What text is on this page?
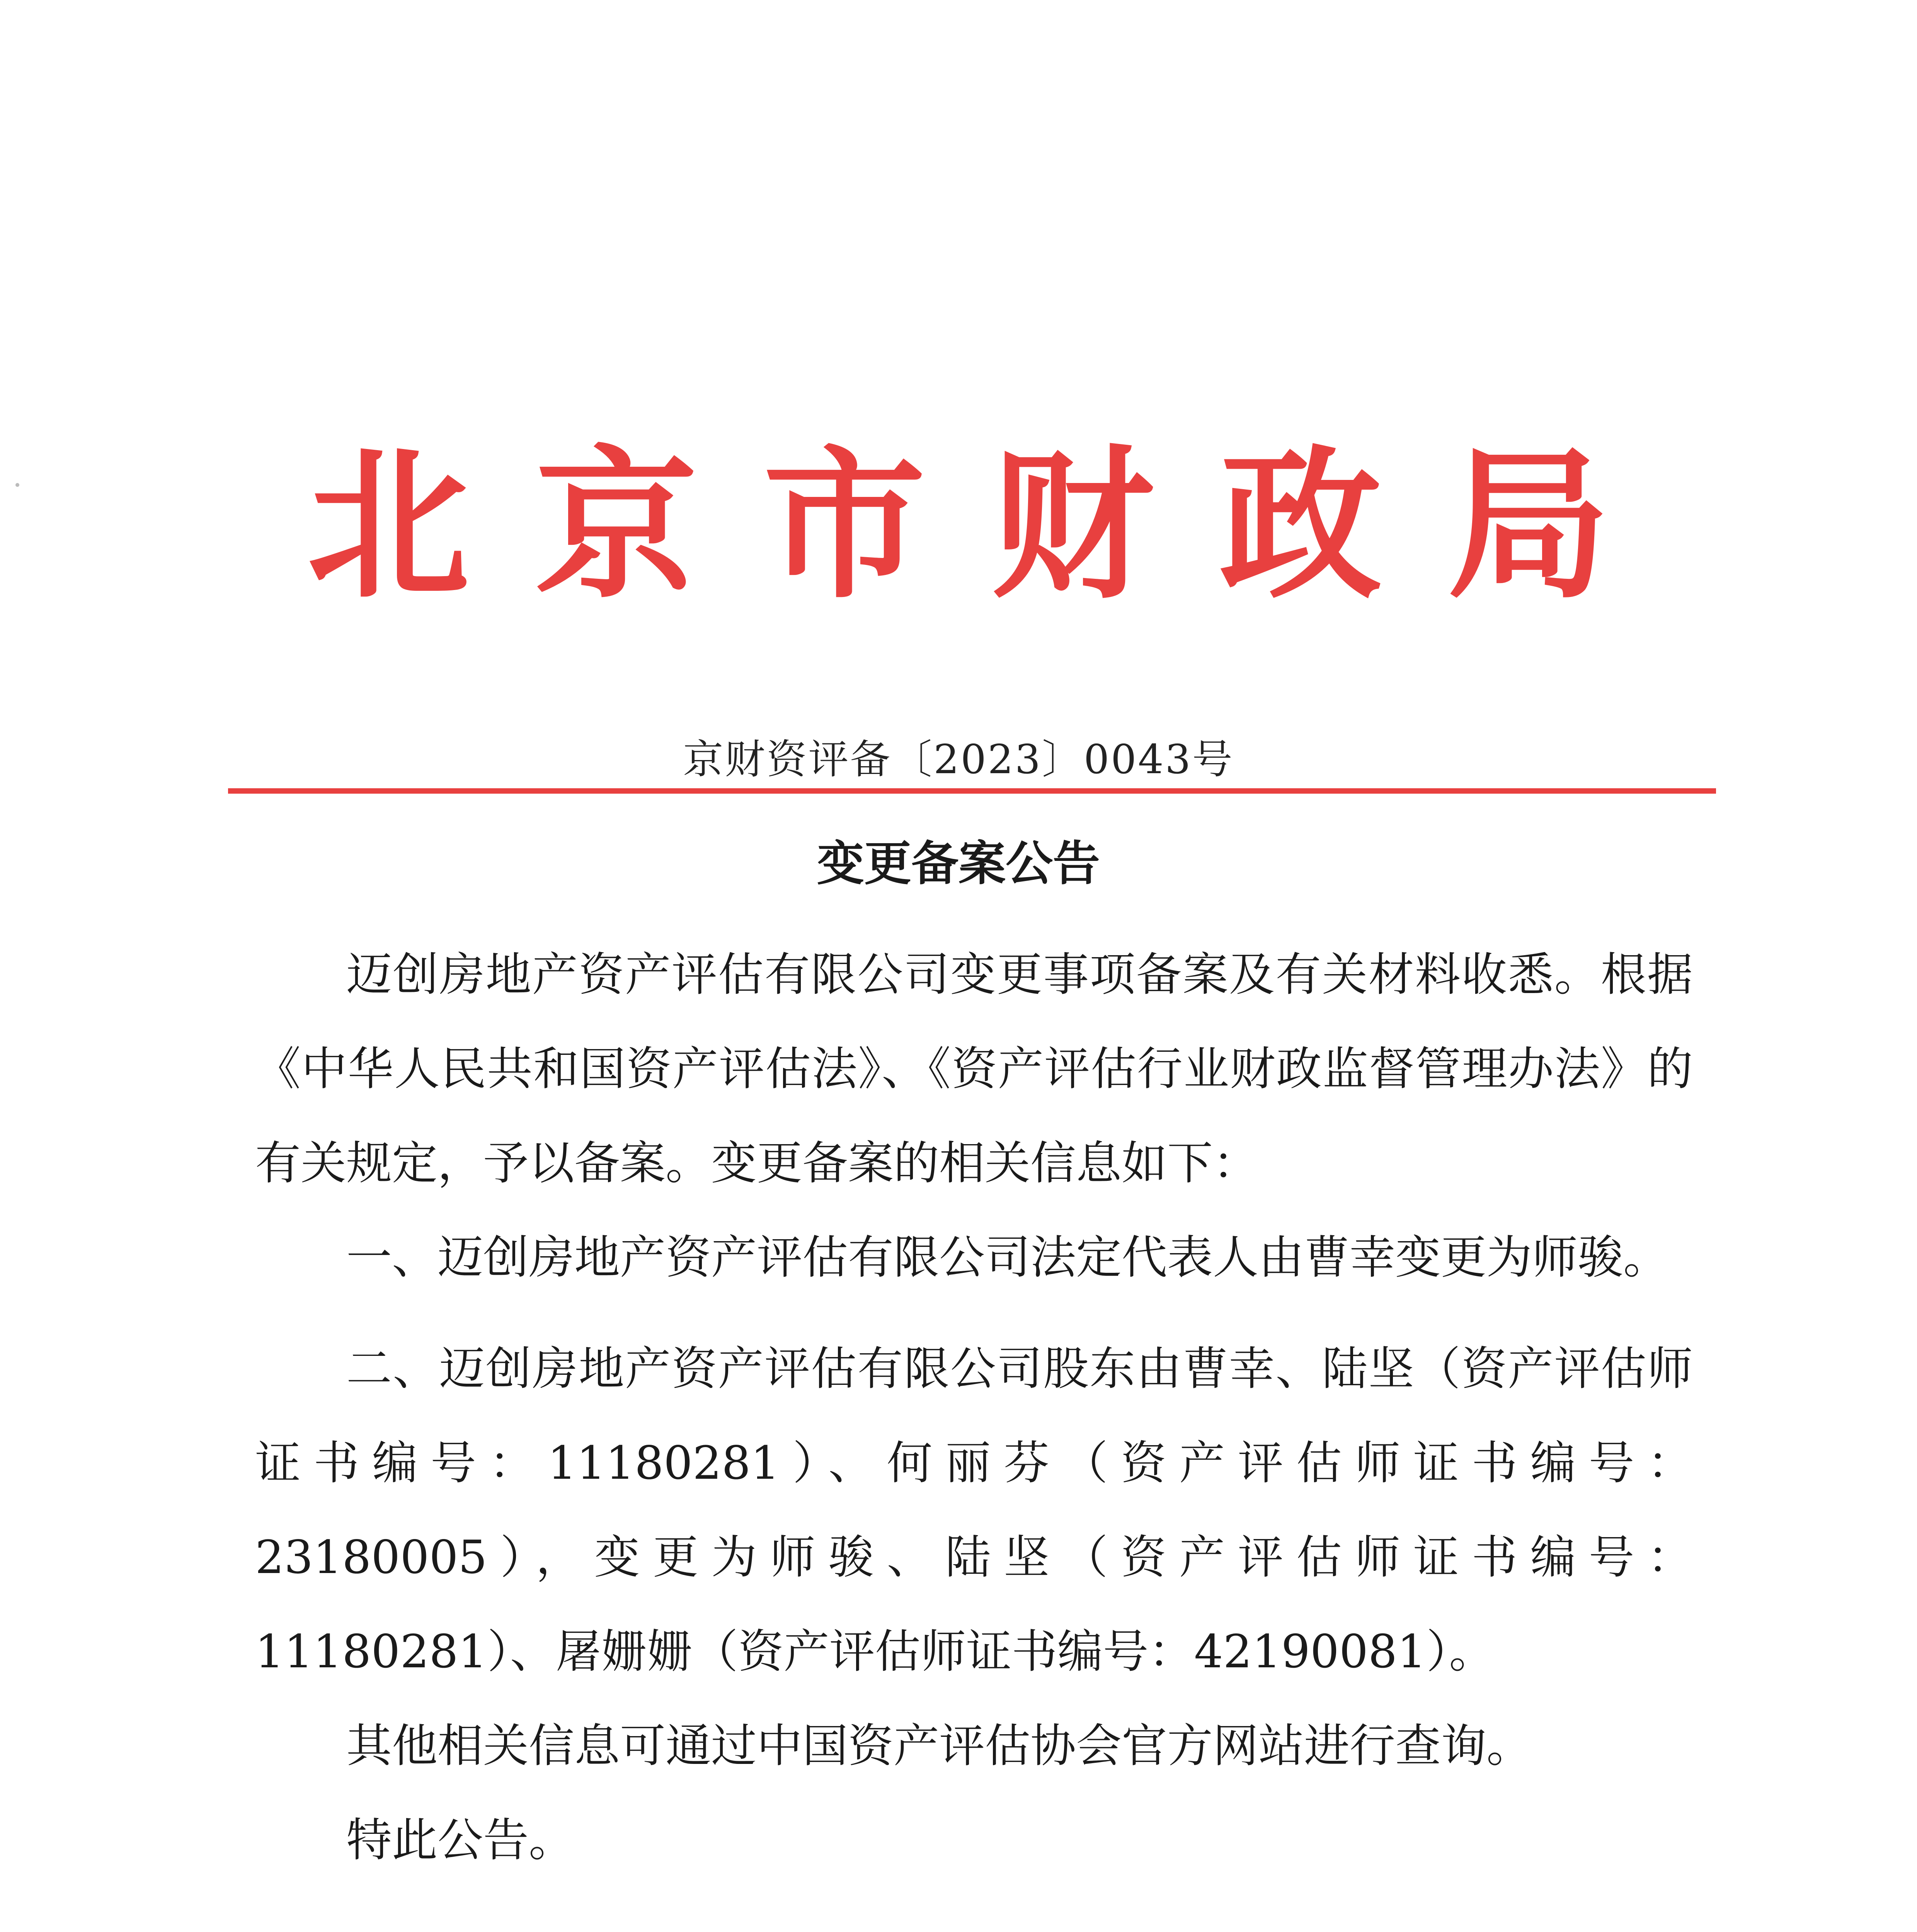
北京市财政局
京财资评备〔2023〕0043号
变更备案公告

迈创房地产资产评估有限公司变更事项备案及有关材料收悉。根据《中华人民共和国资产评估法》、《资产评估行业财政监督管理办法》的有关规定，予以备案。变更备案的相关信息如下：

一、迈创房地产资产评估有限公司法定代表人由曹幸变更为师骏。

二、迈创房地产资产评估有限公司股东由曹幸、陆坚（资产评估师证书编号：11180281）、何丽芬（资产评估师证书编号：23180005），变更为师骏、陆坚（资产评估师证书编号：11180281）、屠姗姗（资产评估师证书编号：42190081）。

其他相关信息可通过中国资产评估协会官方网站进行查询。

特此公告。
